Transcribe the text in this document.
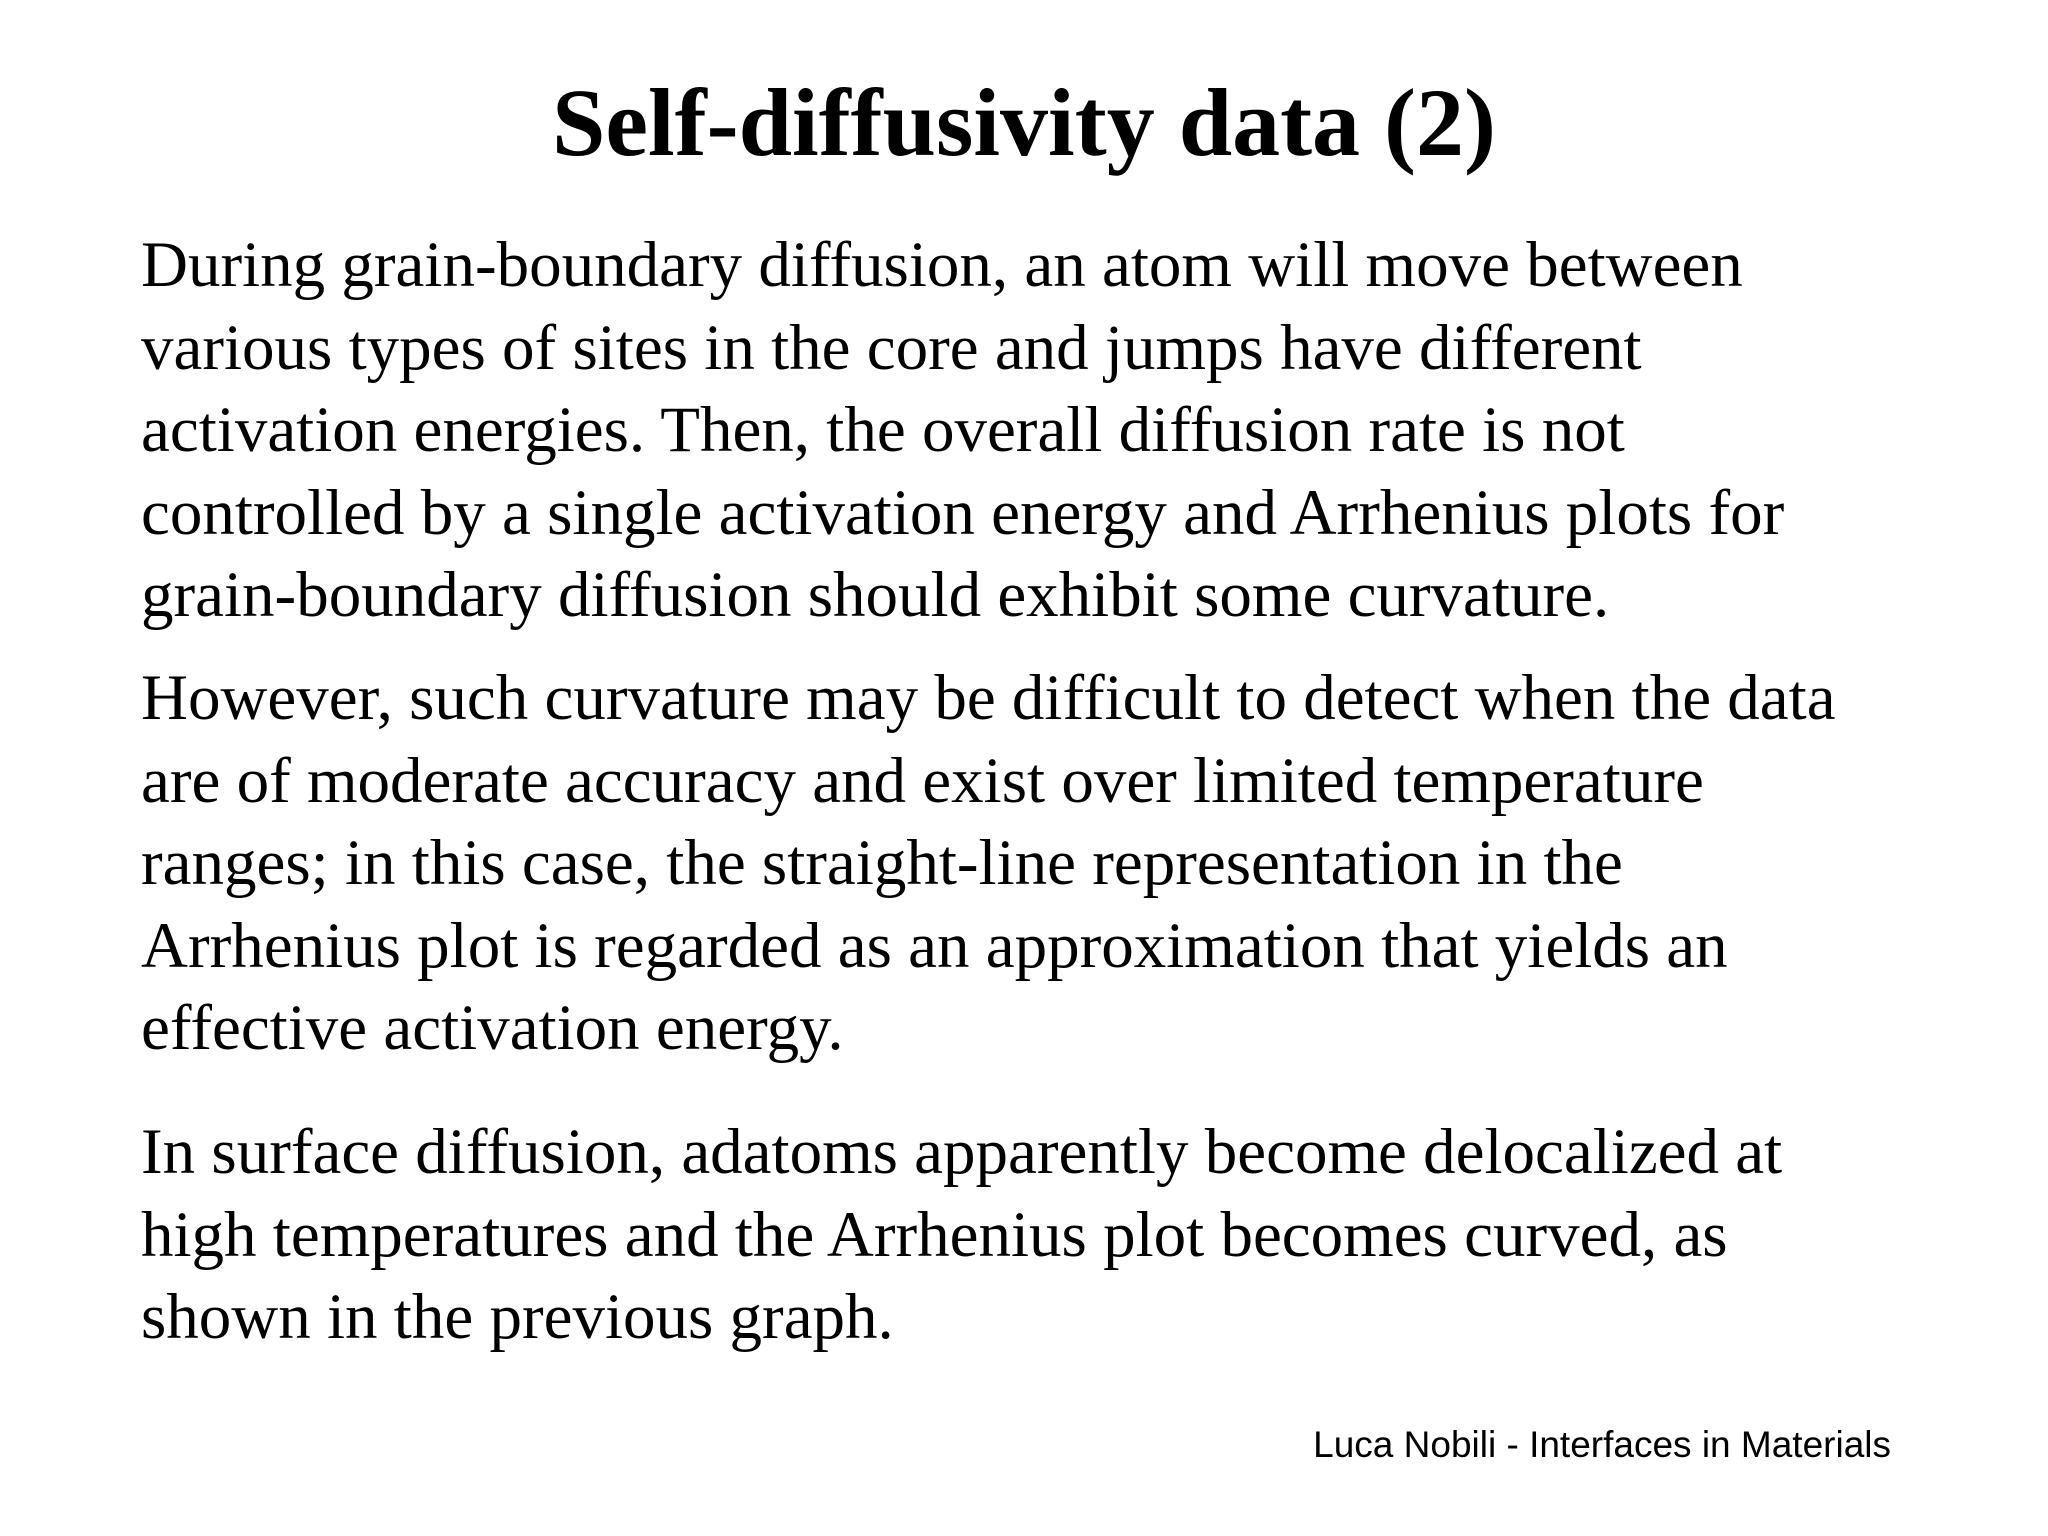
Self-diffusivity data (2)

During grain-boundary diffusion, an atom will move between
various types of sites in the core and jumps have different
activation energies. Then, the overall diffusion rate is not
controlled by a single activation energy and Arrhenius plots for
grain-boundary diffusion should exhibit some curvature.

However, such curvature may be difficult to detect when the data
are of moderate accuracy and exist over limited temperature
ranges; in this case, the straight-line representation in the
Arrhenius plot is regarded as an approximation that yields an
effective activation energy.

In surface diffusion, adatoms apparently become delocalized at
high temperatures and the Arrhenius plot becomes curved, as
shown in the previous graph.

Luca Nobili - Interfaces in Materials
